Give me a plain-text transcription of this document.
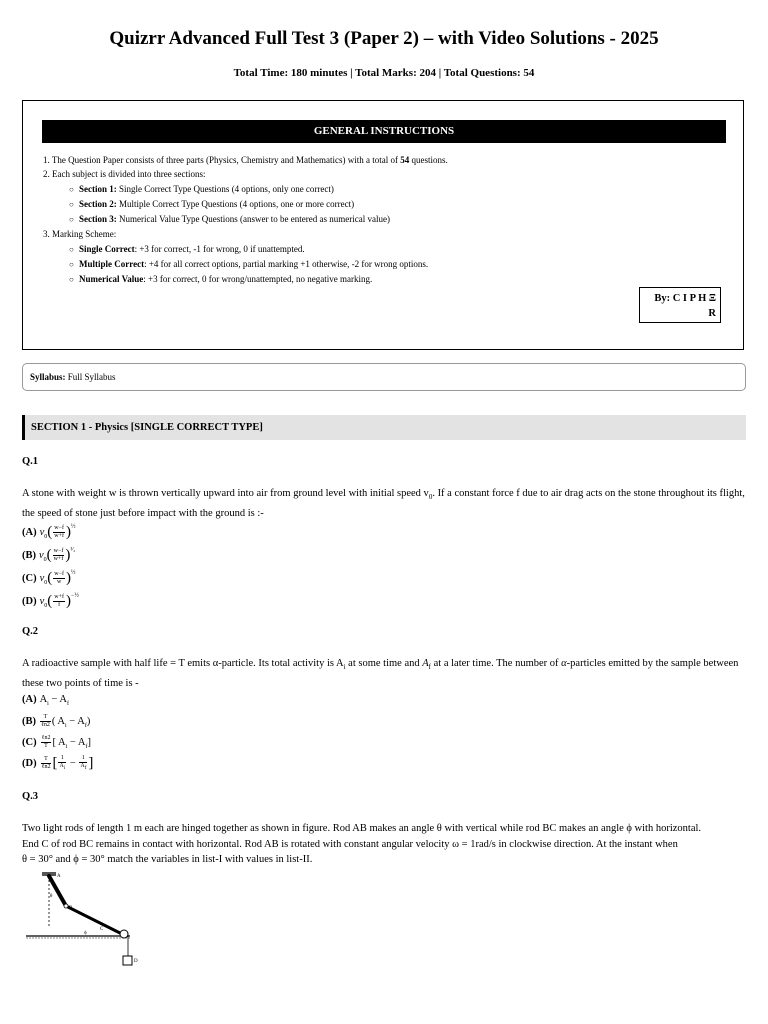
Quizrr Advanced Full Test 3 (Paper 2) – with Video Solutions - 2025
Total Time: 180 minutes | Total Marks: 204 | Total Questions: 54
GENERAL INSTRUCTIONS
1. The Question Paper consists of three parts (Physics, Chemistry and Mathematics) with a total of 54 questions.
2. Each subject is divided into three sections:
○ Section 1: Single Correct Type Questions (4 options, only one correct)
○ Section 2: Multiple Correct Type Questions (4 options, one or more correct)
○ Section 3: Numerical Value Type Questions (answer to be entered as numerical value)
3. Marking Scheme:
○ Single Correct: +3 for correct, -1 for wrong, 0 if unattempted.
○ Multiple Correct: +4 for all correct options, partial marking +1 otherwise, -2 for wrong options.
○ Numerical Value: +3 for correct, 0 for wrong/unattempted, no negative marking.
By: C I P H Ξ
R
Syllabus: Full Syllabus
SECTION 1 - Physics [SINGLE CORRECT TYPE]
Q.1
A stone with weight w is thrown vertically upward into air from ground level with initial speed $v_0$. If a constant force f due to air drag acts on the stone throughout its flight, the speed of stone just before impact with the ground is :-
(A) $v_0( \frac{w-f}{w+f} )^{\frac{1}{2}}$
(B) $v_0( \frac{w-f}{w+f} )^{^3⁄_2}$
(C) $v_0( \frac{w-f}{w} )^{\frac{1}{2}}$
(D) $v_0( \frac{w+f}{f} )^{-\frac{1}{2}}$
Q.2
A radioactive sample with half life = T emits α-particle. Its total activity is $A_i$ at some time and $A_f$ at a later time. The number of α-particles emitted by the sample between these two points of time is -
(A) $A_i - A_f$
(B)	T
ℓn2 ( $A_i - A_f$)
(C) ℓn2
T [ $A_i - A_f$]
(D)	T
ℓn2 [ $\frac{1}{A_i} - \frac{1}{A_f}$ ]
Q.3
Two light rods of length 1 m each are hinged together as shown in figure. Rod AB makes an angle θ with vertical while rod BC makes an angle ϕ with horizontal.
End C of rod BC remains in contact with horizontal. Rod AB is rotated with constant angular velocity ω = 1rad/s in clockwise direction. At the instant when
θ = 30° and ϕ = 30° match the variables in list-I with values in list-II.
A
B
C
D
θ
ϕ
